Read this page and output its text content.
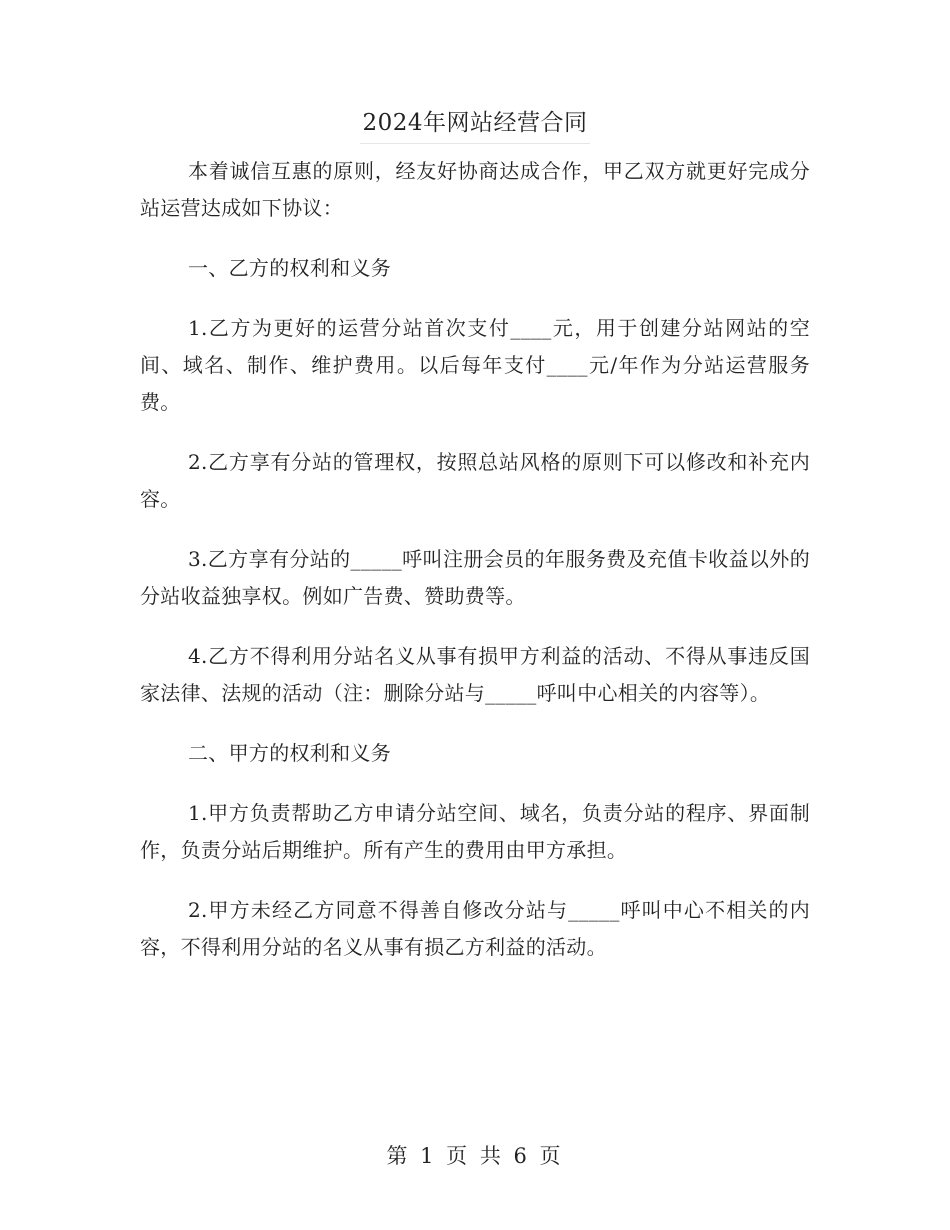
2024年网站经营合同

本着诚信互惠的原则，经友好协商达成合作，甲乙双方就更好完成分站运营达成如下协议：

一、乙方的权利和义务

1.乙方为更好的运营分站首次支付____元，用于创建分站网站的空间、域名、制作、维护费用。以后每年支付____元/年作为分站运营服务费。

2.乙方享有分站的管理权，按照总站风格的原则下可以修改和补充内容。

3.乙方享有分站的_____呼叫注册会员的年服务费及充值卡收益以外的分站收益独享权。例如广告费、赞助费等。

4.乙方不得利用分站名义从事有损甲方利益的活动、不得从事违反国家法律、法规的活动（注：删除分站与_____呼叫中心相关的内容等）。

二、甲方的权利和义务

1.甲方负责帮助乙方申请分站空间、域名，负责分站的程序、界面制作，负责分站后期维护。所有产生的费用由甲方承担。

2.甲方未经乙方同意不得善自修改分站与_____呼叫中心不相关的内容，不得利用分站的名义从事有损乙方利益的活动。

第 1 页 共 6 页
